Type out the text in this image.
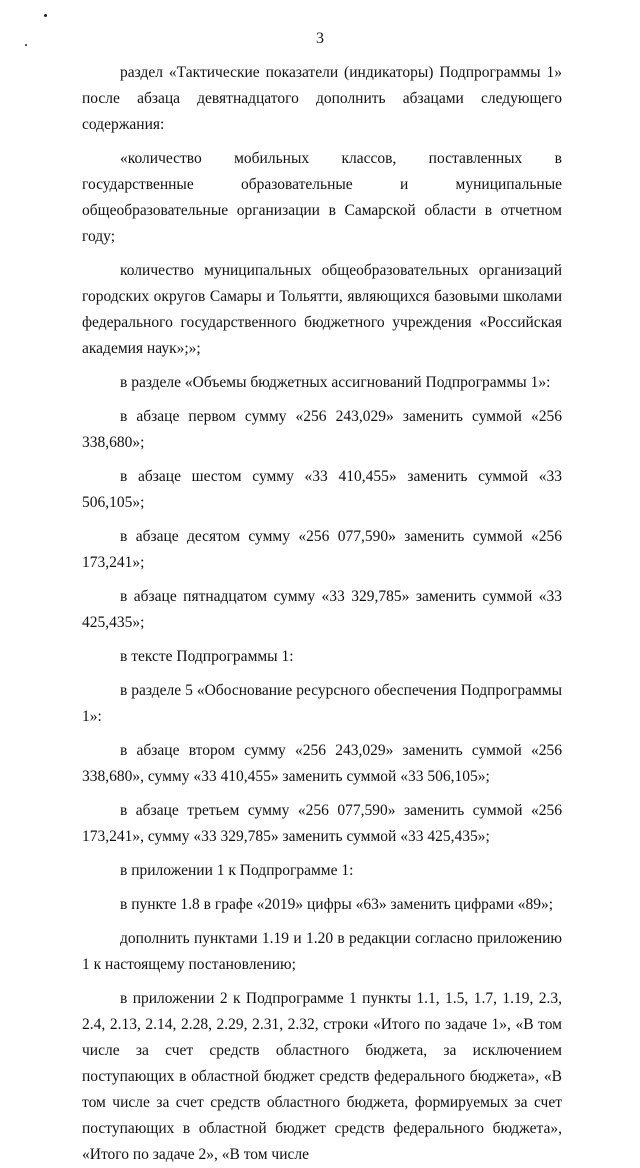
3

раздел «Тактические показатели (индикаторы) Подпрограммы 1» после абзаца девятнадцатого дополнить абзацами следующего содержания:

«количество мобильных классов, поставленных в государственные образовательные и муниципальные общеобразовательные организации в Самарской области в отчетном году;

количество муниципальных общеобразовательных организаций городских округов Самары и Тольятти, являющихся базовыми школами федерального государственного бюджетного учреждения «Российская академия наук»;»;

в разделе «Объемы бюджетных ассигнований Подпрограммы 1»:

в абзаце первом сумму «256 243,029» заменить суммой «256 338,680»;

в абзаце шестом сумму «33 410,455» заменить суммой «33 506,105»;

в абзаце десятом сумму «256 077,590» заменить суммой «256 173,241»;

в абзаце пятнадцатом сумму «33 329,785» заменить суммой «33 425,435»;

в тексте Подпрограммы 1:

в разделе 5 «Обоснование ресурсного обеспечения Подпрограммы 1»:

в абзаце втором сумму «256 243,029» заменить суммой «256 338,680», сумму «33 410,455» заменить суммой «33 506,105»;

в абзаце третьем сумму «256 077,590» заменить суммой «256 173,241», сумму «33 329,785» заменить суммой «33 425,435»;

в приложении 1 к Подпрограмме 1:

в пункте 1.8 в графе «2019» цифры «63» заменить цифрами «89»;

дополнить пунктами 1.19 и 1.20 в редакции согласно приложению 1 к настоящему постановлению;

в приложении 2 к Подпрограмме 1 пункты 1.1, 1.5, 1.7, 1.19, 2.3, 2.4, 2.13, 2.14, 2.28, 2.29, 2.31, 2.32, строки «Итого по задаче 1», «В том числе за счет средств областного бюджета, за исключением поступающих в областной бюджет средств федерального бюджета», «В том числе за счет средств областного бюджета, формируемых за счет поступающих в областной бюджет средств федерального бюджета», «Итого по задаче 2», «В том числе
